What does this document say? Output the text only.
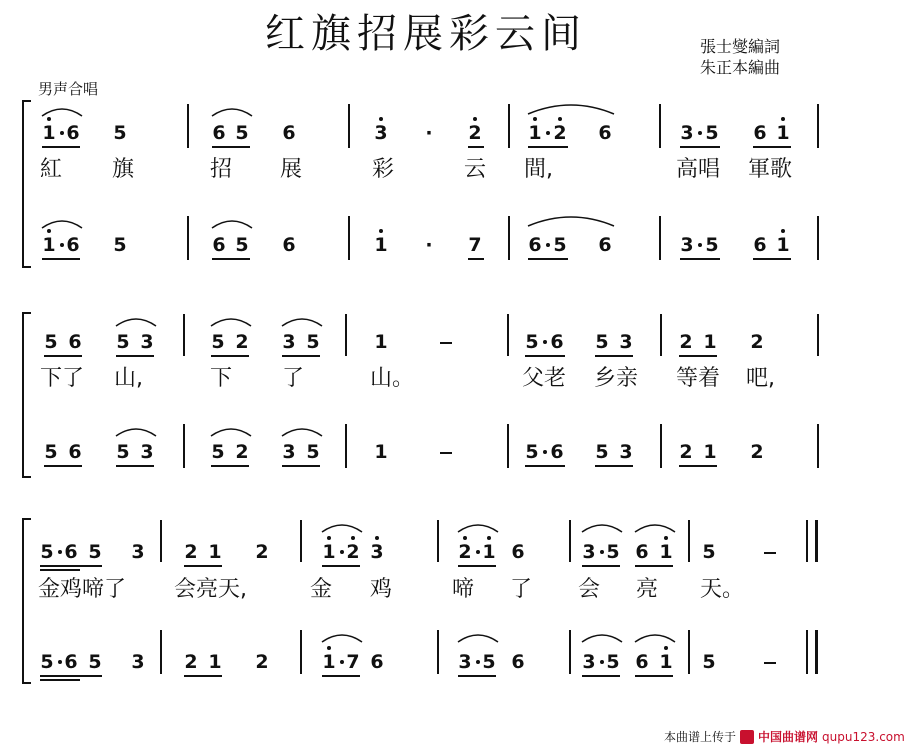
红旗招展彩云间	張士燮編詞
朱正本編曲
男声合唱
1 6 5	6 5 6	3 · 2 1 2 6	3 5 6 1
紅 旗	招 展	彩	云 間,	高唱 軍歌
1 6 5	6 5 6	1 · 7 6 5 6	3 5 6 1
5 6 5 3	5 2 3 5	1	5 6 5 3 2 1 2
下了 山,	下 了	山。	父老 乡亲 等着 吧,
5 6 5 3	5 2 3 5	1	5 6 5 3 2 1 2
5 6 5 3 2 1 2	1 2 3	2 1 6	3 5 6 1 5
金鸡啼了 会亮天,	金 鸡	啼 了 会 亮 天。
5 6 5 3 2 1 2	1 7 6	3 5 6	3 5 6 1 5
本曲谱上传于 中国曲谱网 qupu123.com
